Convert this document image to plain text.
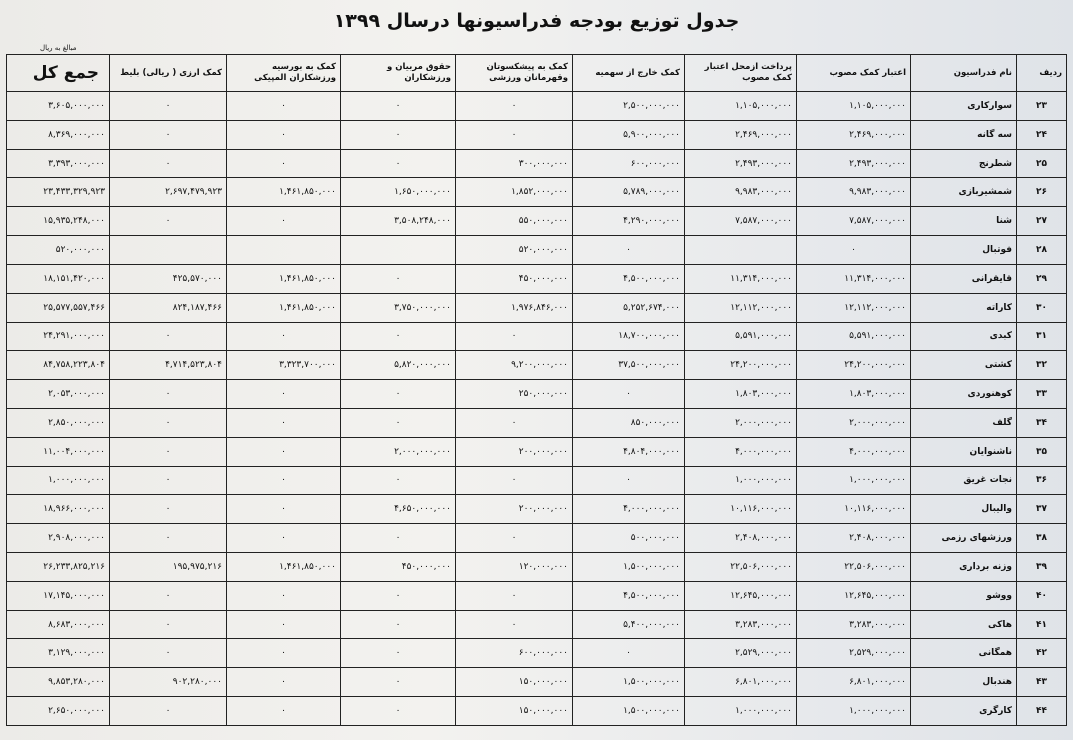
جدول توزیع بودجه فدراسیونها درسال ۱۳۹۹
مبالغ به ریال
ردیف	نام فدراسیون	اعتبار کمک مصوب	پرداخت ازمحل اعتبار کمک مصوب	کمک خارج از سهمیه	کمک به پیشکسوتان وقهرمانان ورزشی	حقوق مربیان و ورزشکاران	کمک به بورسیه ورزشکاران المپیکی	کمک ارزی ( ریالی) بلیط	جمع کل
۲۳	سوارکاری	۱,۱۰۵,۰۰۰,۰۰۰	۱,۱۰۵,۰۰۰,۰۰۰	۲,۵۰۰,۰۰۰,۰۰۰	۰	۰	۰	۰	۳,۶۰۵,۰۰۰,۰۰۰
۲۴	سه گانه	۲,۴۶۹,۰۰۰,۰۰۰	۲,۴۶۹,۰۰۰,۰۰۰	۵,۹۰۰,۰۰۰,۰۰۰	۰	۰	۰	۰	۸,۳۶۹,۰۰۰,۰۰۰
۲۵	شطرنج	۲,۴۹۳,۰۰۰,۰۰۰	۲,۴۹۳,۰۰۰,۰۰۰	۶۰۰,۰۰۰,۰۰۰	۳۰۰,۰۰۰,۰۰۰	۰	۰	۰	۳,۳۹۳,۰۰۰,۰۰۰
۲۶	شمشیربازی	۹,۹۸۳,۰۰۰,۰۰۰	۹,۹۸۳,۰۰۰,۰۰۰	۵,۷۸۹,۰۰۰,۰۰۰	۱,۸۵۲,۰۰۰,۰۰۰	۱,۶۵۰,۰۰۰,۰۰۰	۱,۴۶۱,۸۵۰,۰۰۰	۲,۶۹۷,۴۷۹,۹۲۳	۲۳,۴۳۳,۳۲۹,۹۲۳
۲۷	شنا	۷,۵۸۷,۰۰۰,۰۰۰	۷,۵۸۷,۰۰۰,۰۰۰	۴,۲۹۰,۰۰۰,۰۰۰	۵۵۰,۰۰۰,۰۰۰	۳,۵۰۸,۲۴۸,۰۰۰	۰	۰	۱۵,۹۳۵,۲۴۸,۰۰۰
۲۸	فوتبال	۰		۰	۵۲۰,۰۰۰,۰۰۰				۵۲۰,۰۰۰,۰۰۰
۲۹	قایقرانی	۱۱,۳۱۴,۰۰۰,۰۰۰	۱۱,۳۱۴,۰۰۰,۰۰۰	۴,۵۰۰,۰۰۰,۰۰۰	۴۵۰,۰۰۰,۰۰۰	۰	۱,۴۶۱,۸۵۰,۰۰۰	۴۲۵,۵۷۰,۰۰۰	۱۸,۱۵۱,۴۲۰,۰۰۰
۳۰	کاراته	۱۲,۱۱۲,۰۰۰,۰۰۰	۱۲,۱۱۲,۰۰۰,۰۰۰	۵,۲۵۲,۶۷۴,۰۰۰	۱,۹۷۶,۸۴۶,۰۰۰	۳,۷۵۰,۰۰۰,۰۰۰	۱,۴۶۱,۸۵۰,۰۰۰	۸۲۴,۱۸۷,۴۶۶	۲۵,۵۷۷,۵۵۷,۴۶۶
۳۱	کبدی	۵,۵۹۱,۰۰۰,۰۰۰	۵,۵۹۱,۰۰۰,۰۰۰	۱۸,۷۰۰,۰۰۰,۰۰۰	۰	۰	۰	۰	۲۴,۲۹۱,۰۰۰,۰۰۰
۳۲	کشتی	۲۴,۲۰۰,۰۰۰,۰۰۰	۲۴,۲۰۰,۰۰۰,۰۰۰	۳۷,۵۰۰,۰۰۰,۰۰۰	۹,۲۰۰,۰۰۰,۰۰۰	۵,۸۲۰,۰۰۰,۰۰۰	۳,۳۲۳,۷۰۰,۰۰۰	۴,۷۱۴,۵۲۳,۸۰۴	۸۴,۷۵۸,۲۲۳,۸۰۴
۳۳	کوهنوردی	۱,۸۰۳,۰۰۰,۰۰۰	۱,۸۰۳,۰۰۰,۰۰۰	۰	۲۵۰,۰۰۰,۰۰۰	۰	۰	۰	۲,۰۵۳,۰۰۰,۰۰۰
۳۴	گلف	۲,۰۰۰,۰۰۰,۰۰۰	۲,۰۰۰,۰۰۰,۰۰۰	۸۵۰,۰۰۰,۰۰۰	۰	۰	۰	۰	۲,۸۵۰,۰۰۰,۰۰۰
۳۵	ناشنوایان	۴,۰۰۰,۰۰۰,۰۰۰	۴,۰۰۰,۰۰۰,۰۰۰	۴,۸۰۴,۰۰۰,۰۰۰	۲۰۰,۰۰۰,۰۰۰	۲,۰۰۰,۰۰۰,۰۰۰	۰	۰	۱۱,۰۰۴,۰۰۰,۰۰۰
۳۶	نجات غریق	۱,۰۰۰,۰۰۰,۰۰۰	۱,۰۰۰,۰۰۰,۰۰۰	۰	۰	۰	۰	۰	۱,۰۰۰,۰۰۰,۰۰۰
۳۷	والیبال	۱۰,۱۱۶,۰۰۰,۰۰۰	۱۰,۱۱۶,۰۰۰,۰۰۰	۴,۰۰۰,۰۰۰,۰۰۰	۲۰۰,۰۰۰,۰۰۰	۴,۶۵۰,۰۰۰,۰۰۰	۰	۰	۱۸,۹۶۶,۰۰۰,۰۰۰
۳۸	ورزشهای رزمی	۲,۴۰۸,۰۰۰,۰۰۰	۲,۴۰۸,۰۰۰,۰۰۰	۵۰۰,۰۰۰,۰۰۰	۰	۰	۰	۰	۲,۹۰۸,۰۰۰,۰۰۰
۳۹	وزنه برداری	۲۲,۵۰۶,۰۰۰,۰۰۰	۲۲,۵۰۶,۰۰۰,۰۰۰	۱,۵۰۰,۰۰۰,۰۰۰	۱۲۰,۰۰۰,۰۰۰	۴۵۰,۰۰۰,۰۰۰	۱,۴۶۱,۸۵۰,۰۰۰	۱۹۵,۹۷۵,۲۱۶	۲۶,۲۳۳,۸۲۵,۲۱۶
۴۰	ووشو	۱۲,۶۴۵,۰۰۰,۰۰۰	۱۲,۶۴۵,۰۰۰,۰۰۰	۴,۵۰۰,۰۰۰,۰۰۰	۰	۰	۰	۰	۱۷,۱۴۵,۰۰۰,۰۰۰
۴۱	هاکی	۳,۲۸۳,۰۰۰,۰۰۰	۳,۲۸۳,۰۰۰,۰۰۰	۵,۴۰۰,۰۰۰,۰۰۰	۰	۰	۰	۰	۸,۶۸۳,۰۰۰,۰۰۰
۴۲	همگانی	۲,۵۲۹,۰۰۰,۰۰۰	۲,۵۲۹,۰۰۰,۰۰۰	۰	۶۰۰,۰۰۰,۰۰۰	۰	۰	۰	۳,۱۲۹,۰۰۰,۰۰۰
۴۳	هندبال	۶,۸۰۱,۰۰۰,۰۰۰	۶,۸۰۱,۰۰۰,۰۰۰	۱,۵۰۰,۰۰۰,۰۰۰	۱۵۰,۰۰۰,۰۰۰	۰	۰	۹۰۲,۲۸۰,۰۰۰	۹,۸۵۳,۲۸۰,۰۰۰
۴۴	کارگری	۱,۰۰۰,۰۰۰,۰۰۰	۱,۰۰۰,۰۰۰,۰۰۰	۱,۵۰۰,۰۰۰,۰۰۰	۱۵۰,۰۰۰,۰۰۰	۰	۰	۰	۲,۶۵۰,۰۰۰,۰۰۰
